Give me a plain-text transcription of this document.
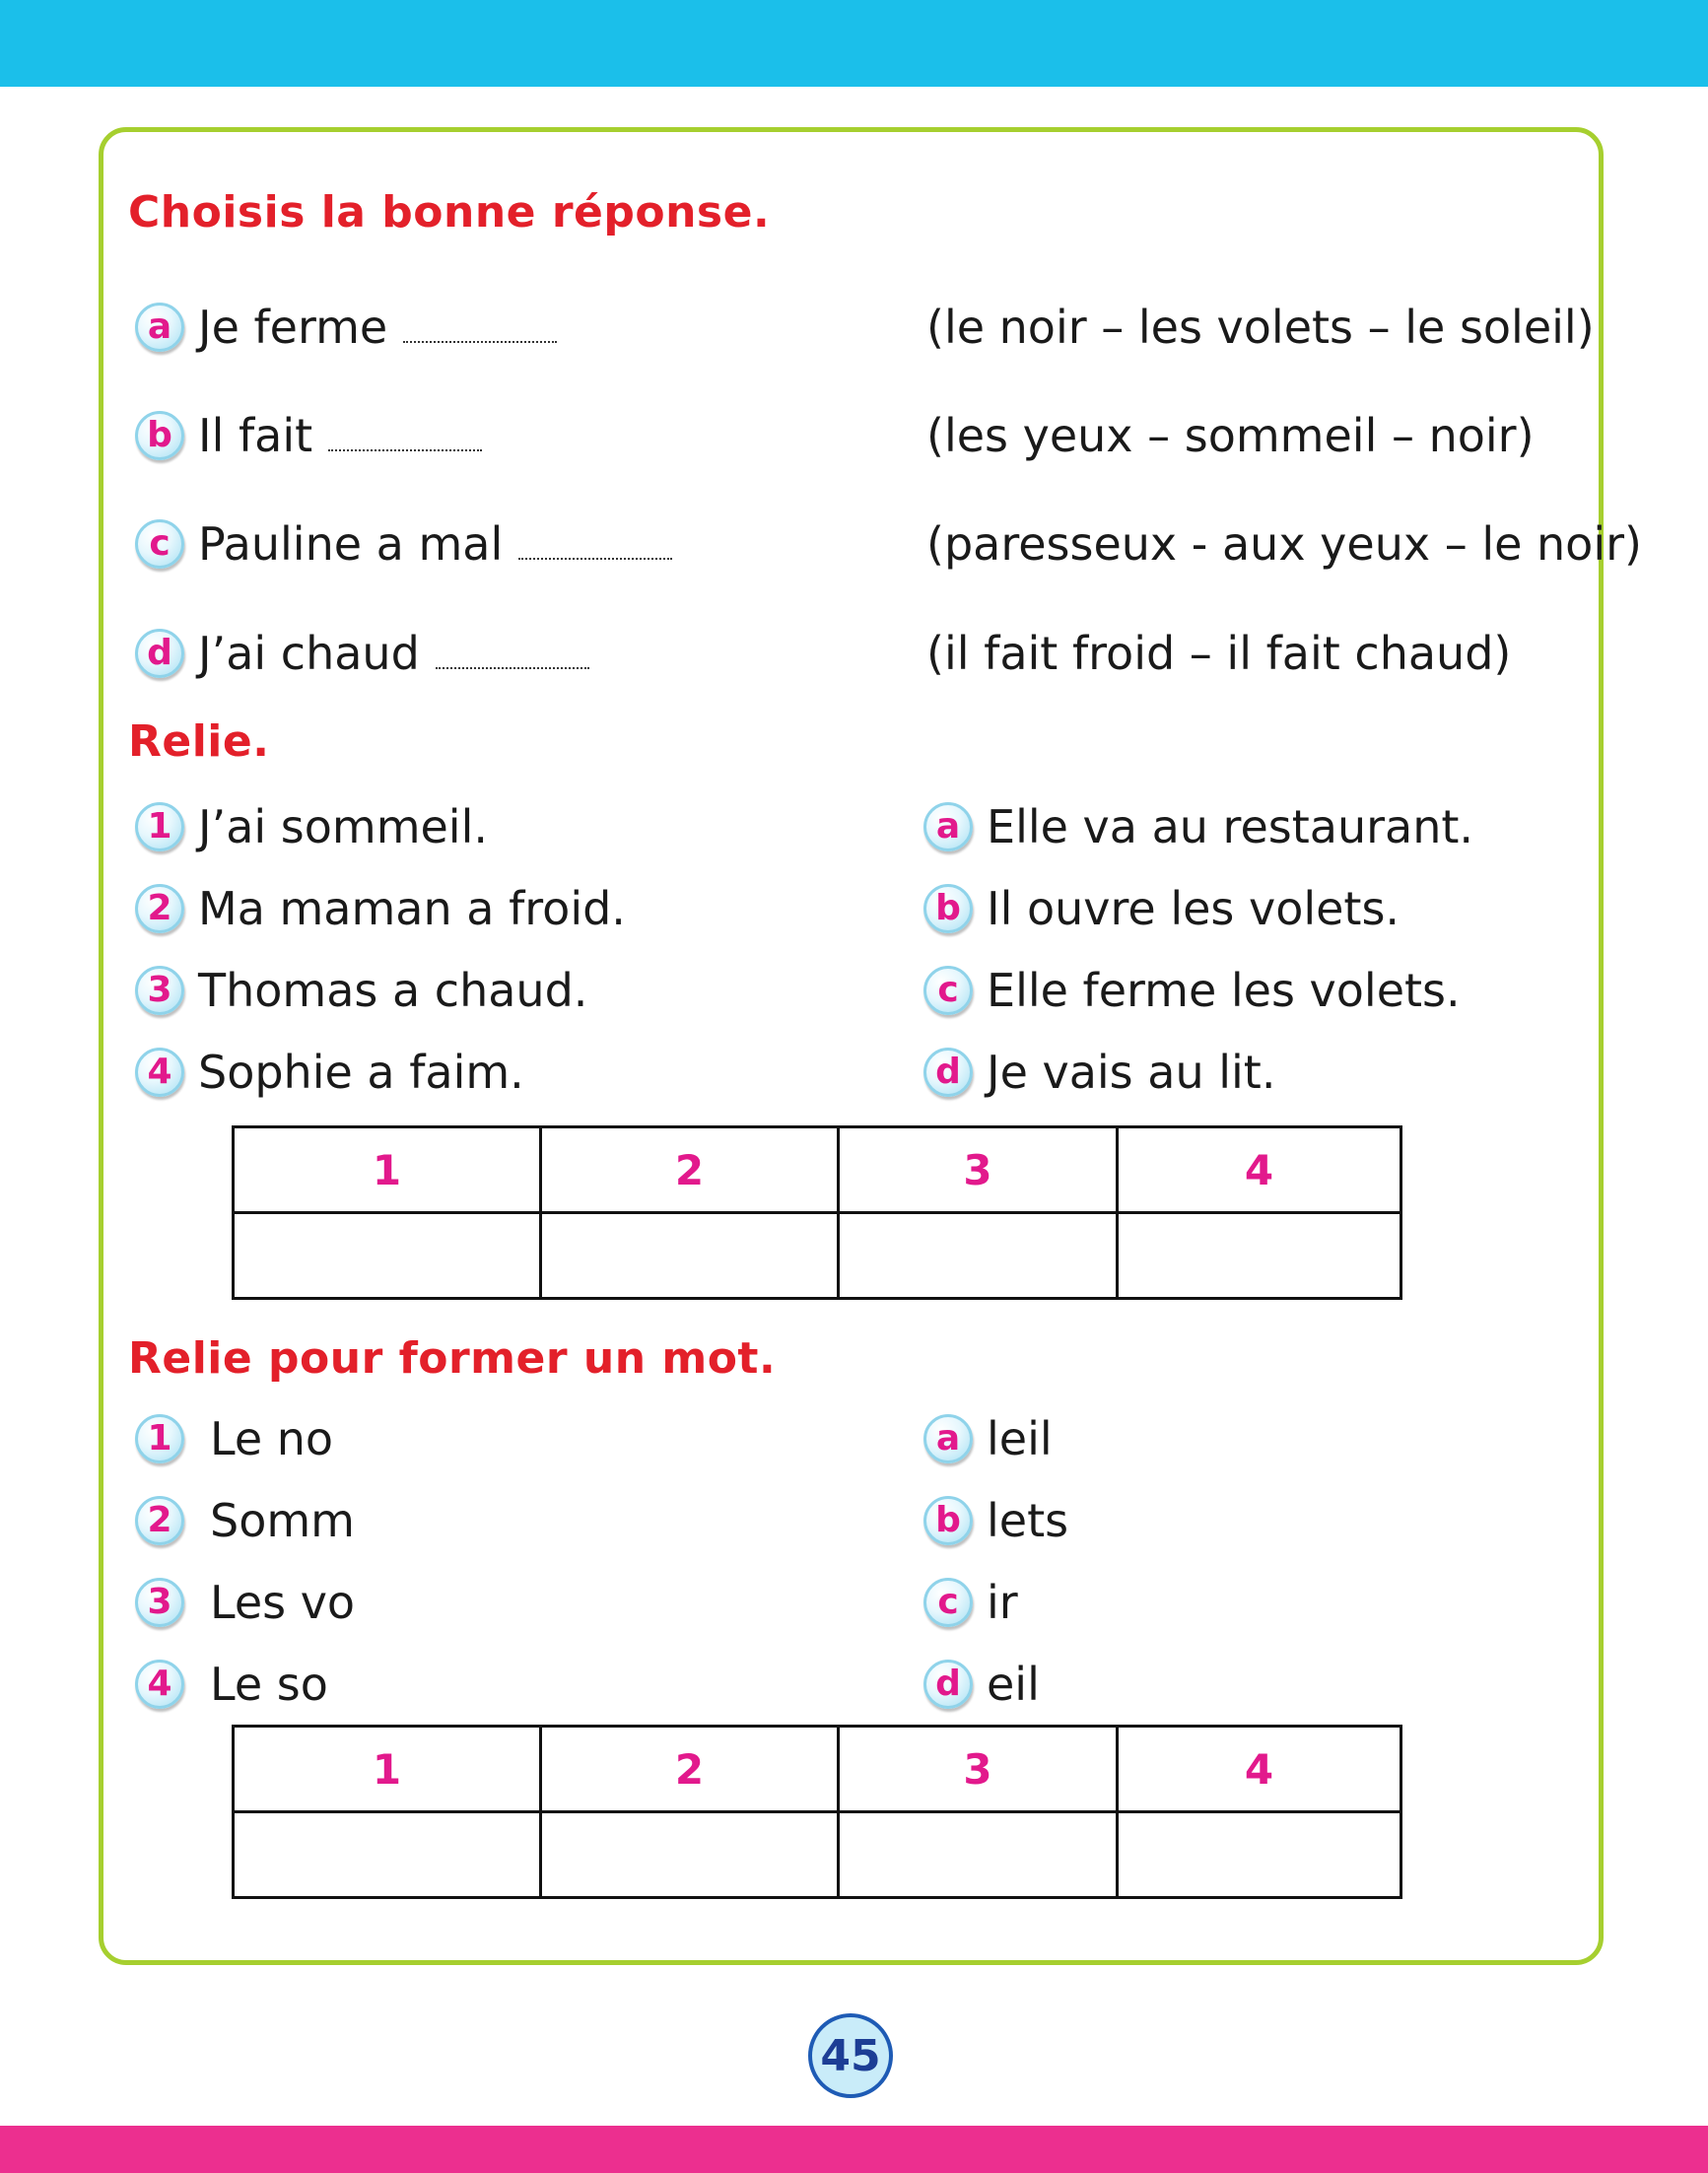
Choisis la bonne réponse.
a Je ferme	(le noir – les volets – le soleil)
b Il fait	(les yeux – sommeil – noir)
c Pauline a mal	(paresseux - aux yeux – le noir)
d J’ai chaud	(il fait froid – il fait chaud)
Relie.
1 J’ai sommeil.
2 Ma maman a froid.
3 Thomas a chaud.
4 Sophie a faim.
a Elle va au restaurant.
b Il ouvre les volets.
c Elle ferme les volets.
d Je vais au lit.
1	2	3	4

Relie pour former un mot.
1 Le no
2 Somm
3 Les vo
4 Le so
a leil
b lets
c ir
d eil
1	2	3	4

45
